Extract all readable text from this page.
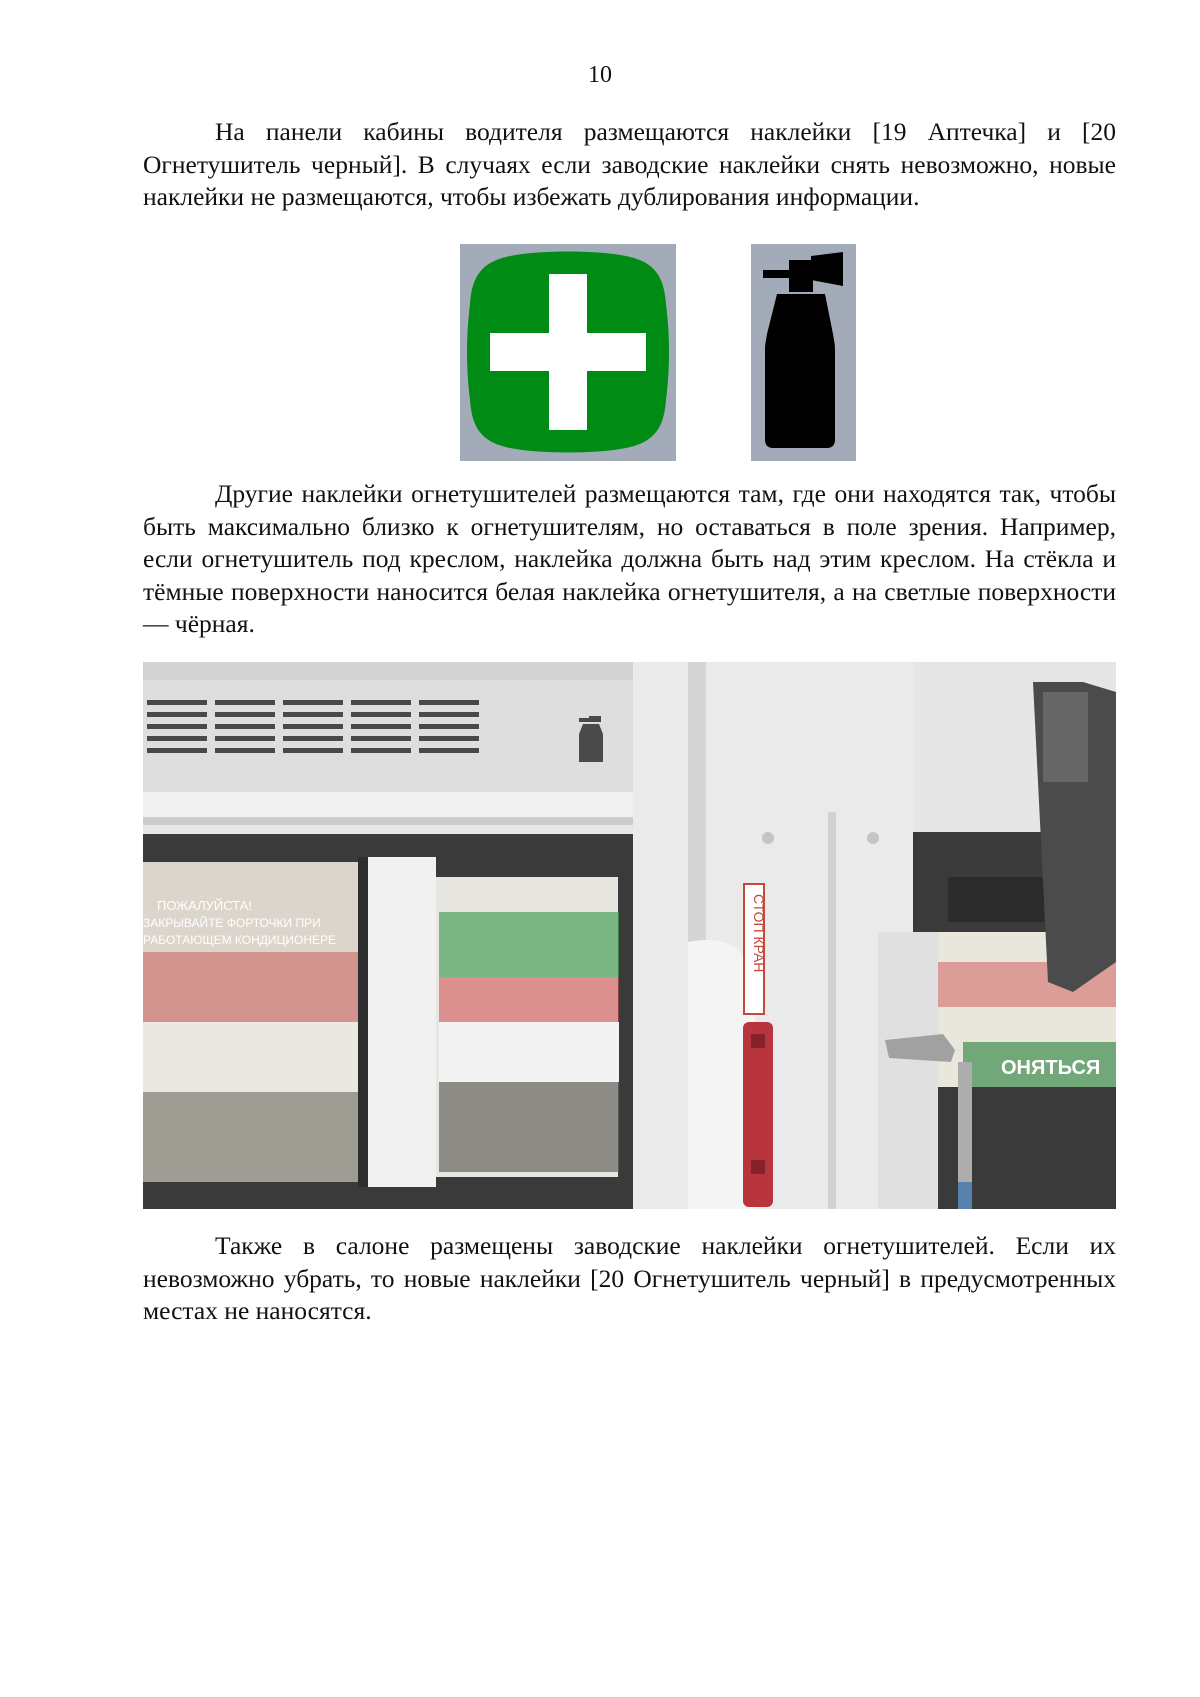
10

На панели кабины водителя размещаются наклейки [19 Аптечка] и [20 Огнетушитель черный]. В случаях если заводские наклейки снять невозможно, новые наклейки не размещаются, чтобы избежать дублирования информации.

Другие наклейки огнетушителей размещаются там, где они находятся так, чтобы быть максимально близко к огнетушителям, но оставаться в поле зрения. Например, если огнетушитель под креслом, наклейка должна быть над этим креслом. На стёкла и тёмные поверхности наносится белая наклейка огнетушителя, а на светлые поверхности — чёрная.

ПОЖАЛУЙСТА!
ЗАКРЫВАЙТЕ ФОРТОЧКИ ПРИ
РАБОТАЮЩЕМ КОНДИЦИОНЕРЕ	СТОП КРАН
ОНЯТЬСЯ

Также в салоне размещены заводские наклейки огнетушителей. Если их невозможно убрать, то новые наклейки [20 Огнетушитель черный] в предусмотренных местах не наносятся.
